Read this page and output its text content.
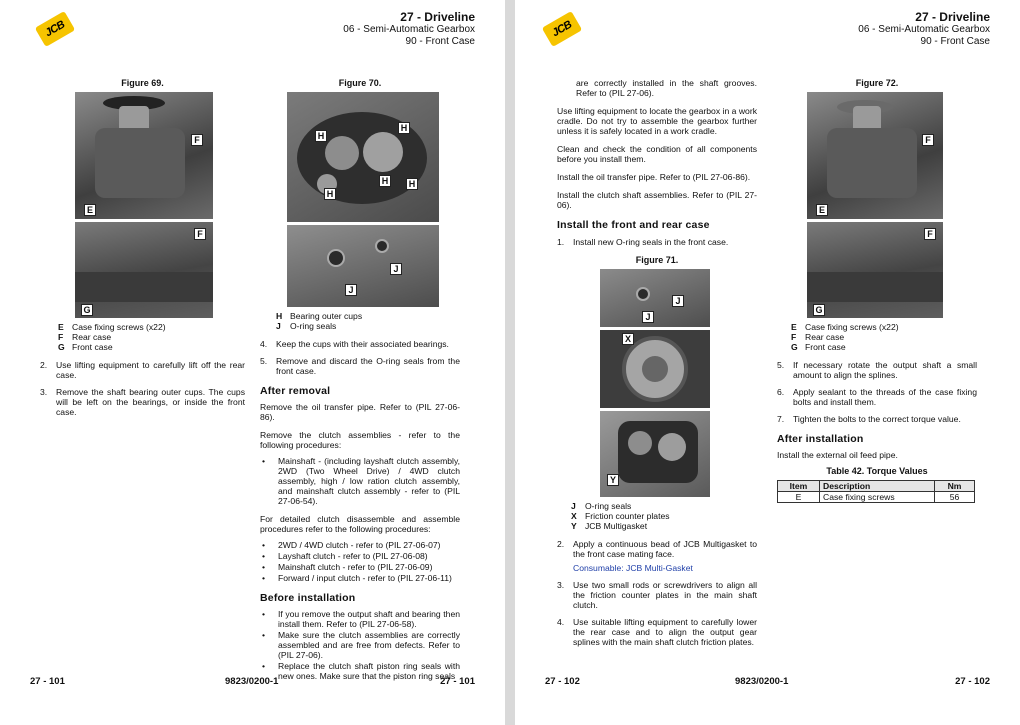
JCB
27 - Driveline
06 - Semi-Automatic Gearbox
90 - Front Case
Figure 69.
F
E
F
G
E Case fixing screws (x22)
F	Rear case
G Front case
2.	Use lifting equipment to carefully lift off the rear case.
3.	Remove the shaft bearing outer cups. The cups will be left on the bearings, or inside the front case.
Figure 70.
H
H
H
H	H
J
J
H Bearing outer cups
J	O-ring seals
4.	Keep the cups with their associated bearings.
5.	Remove and discard the O-ring seals from the front case.
After removal
Remove the oil transfer pipe. Refer to (PIL 27-06-86).
Remove the clutch assemblies - refer to the following procedures:
•	Mainshaft - (including layshaft clutch assembly, 2WD (Two Wheel Drive) / 4WD clutch assembly, high / low ration clutch assembly, and mainshaft clutch assembly - refer to (PIL 27-06-54).
For detailed clutch disassemble and assemble procedures refer to the following procedures:
•	2WD / 4WD clutch - refer to (PIL 27-06-07)
•	Layshaft clutch - refer to (PIL 27-06-08)
•	Mainshaft clutch - refer to (PIL 27-06-09)
•	Forward / input clutch - refer to (PIL 27-06-11)
Before installation
•	If you remove the output shaft and bearing then install them. Refer to (PIL 27-06-58).
•	Make sure the clutch assemblies are correctly assembled and are free from defects. Refer to (PIL 27-06).
•	Replace the clutch shaft piston ring seals with new ones. Make sure that the piston ring seals
27 - 101	9823/0200-1	27 - 101
JCB
27 - Driveline
06 - Semi-Automatic Gearbox
90 - Front Case
are correctly installed in the shaft grooves. Refer to (PIL 27-06).
Use lifting equipment to locate the gearbox in a work cradle. Do not try to assemble the gearbox further unless it is safely located in a work cradle.
Clean and check the condition of all components before you install them.
Install the oil transfer pipe. Refer to (PIL 27-06-86).
Install the clutch shaft assemblies. Refer to (PIL 27-06).
Install the front and rear case
1.	Install new O-ring seals in the front case.
Figure 71.
J
J
X
Y
J	O-ring seals
X Friction counter plates
Y JCB Multigasket
2.	Apply a continuous bead of JCB Multigasket to the front case mating face.
Consumable: JCB Multi-Gasket
3.	Use two small rods or screwdrivers to align all the friction counter plates in the main shaft clutch.
4.	Use suitable lifting equipment to carefully lower the rear case and to align the output gear splines with the main shaft clutch friction plates.
Figure 72.
F
E
F
G
E Case fixing screws (x22)
F	Rear case
G Front case
5.	If necessary rotate the output shaft a small amount to align the splines.
6.	Apply sealant to the threads of the case fixing bolts and install them.
7.	Tighten the bolts to the correct torque value.
After installation
Install the external oil feed pipe.
Table 42. Torque Values
Item	Description	Nm
E	Case fixing screws	56
27 - 102	9823/0200-1	27 - 102
